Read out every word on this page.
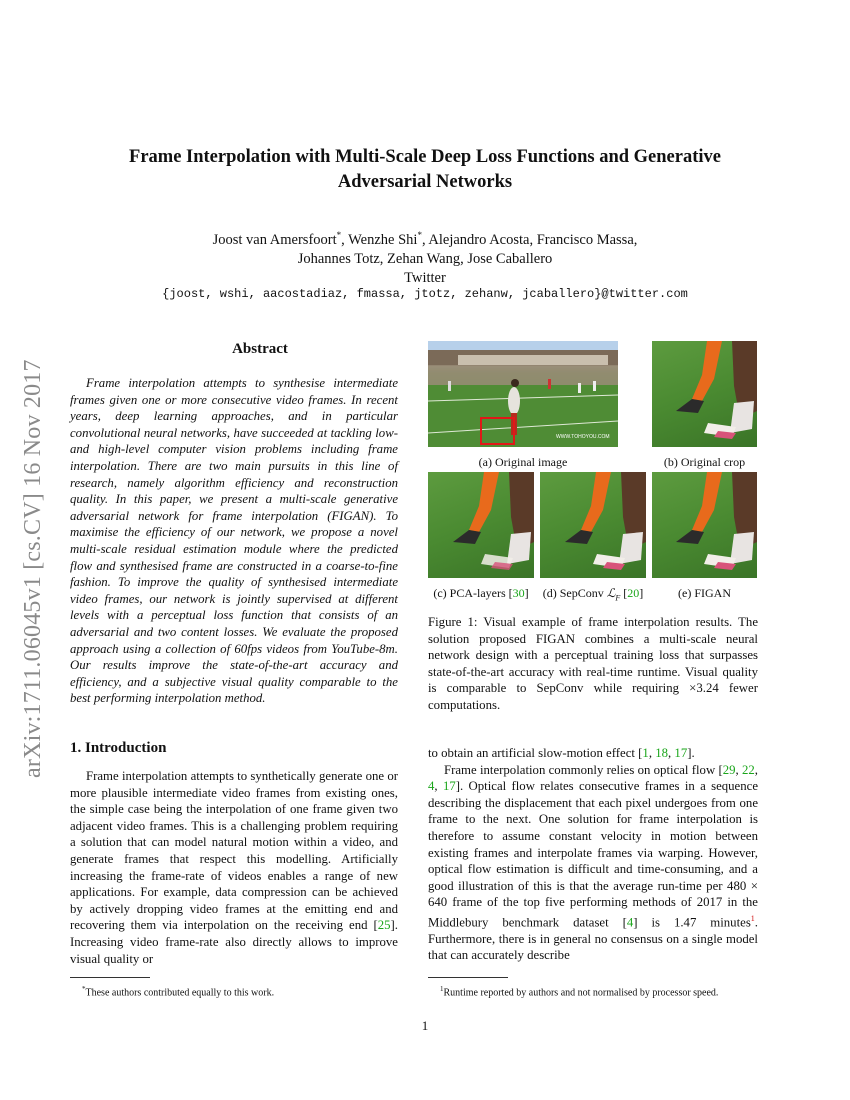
arXiv:1711.06045v1 [cs.CV] 16 Nov 2017
Frame Interpolation with Multi-Scale Deep Loss Functions and Generative
Adversarial Networks
Joost van Amersfoort*, Wenzhe Shi*, Alejandro Acosta, Francisco Massa,
Johannes Totz, Zehan Wang, Jose Caballero
Twitter
{joost, wshi, aacostadiaz, fmassa, jtotz, zehanw, jcaballero}@twitter.com
Abstract

Frame interpolation attempts to synthesise intermediate frames given one or more consecutive video frames. In recent years, deep learning approaches, and in particular convolutional neural networks, have succeeded at tackling low- and high-level computer vision problems including frame interpolation. There are two main pursuits in this line of research, namely algorithm efficiency and reconstruction quality. In this paper, we present a multi-scale generative adversarial network for frame interpolation (FIGAN). To maximise the efficiency of our network, we propose a novel multi-scale residual estimation module where the predicted flow and synthesised frame are constructed in a coarse-to-fine fashion. To improve the quality of synthesised intermediate video frames, our network is jointly supervised at different levels with a perceptual loss function that consists of an adversarial and two content losses. We evaluate the proposed approach using a collection of 60fps videos from YouTube-8m. Our results improve the state-of-the-art accuracy and efficiency, and a subjective visual quality comparable to the best performing interpolation method.

1. Introduction

Frame interpolation attempts to synthetically generate one or more plausible intermediate video frames from existing ones, the simple case being the interpolation of one frame given two adjacent video frames. This is a challenging problem requiring a solution that can model natural motion within a video, and generate frames that respect this modelling. Artificially increasing the frame-rate of videos enables a range of new applications. For example, data compression can be achieved by actively dropping video frames at the emitting end and recovering them via interpolation on the receiving end [25]. Increasing video frame-rate also directly allows to improve visual quality or

WWW.TOHOYOU.COM
(a) Original image	(b) Original crop
(c) PCA-layers [30]	(d) SepConv ℒ$_F$ [20]	(e) FIGAN

Figure 1: Visual example of frame interpolation results. The solution proposed FIGAN combines a multi-scale neural network design with a perceptual training loss that surpasses state-of-the-art accuracy with real-time runtime. Visual quality is comparable to SepConv while requiring ×3.24 fewer computations.

to obtain an artificial slow-motion effect [1, 18, 17].

Frame interpolation commonly relies on optical flow [29, 22, 4, 17]. Optical flow relates consecutive frames in a sequence describing the displacement that each pixel undergoes from one frame to the next. One solution for frame interpolation is therefore to assume constant velocity in motion between existing frames and interpolate frames via warping. However, optical flow estimation is difficult and time-consuming, and a good illustration of this is that the average run-time per 480 × 640 frame of the top five performing methods of 2017 in the Middlebury benchmark dataset [4] is 1.47 minutes$^1$. Furthermore, there is in general no consensus on a single model that can accurately describe

*These authors contributed equally to this work.	$^1$Runtime reported by authors and not normalised by processor speed.
1
